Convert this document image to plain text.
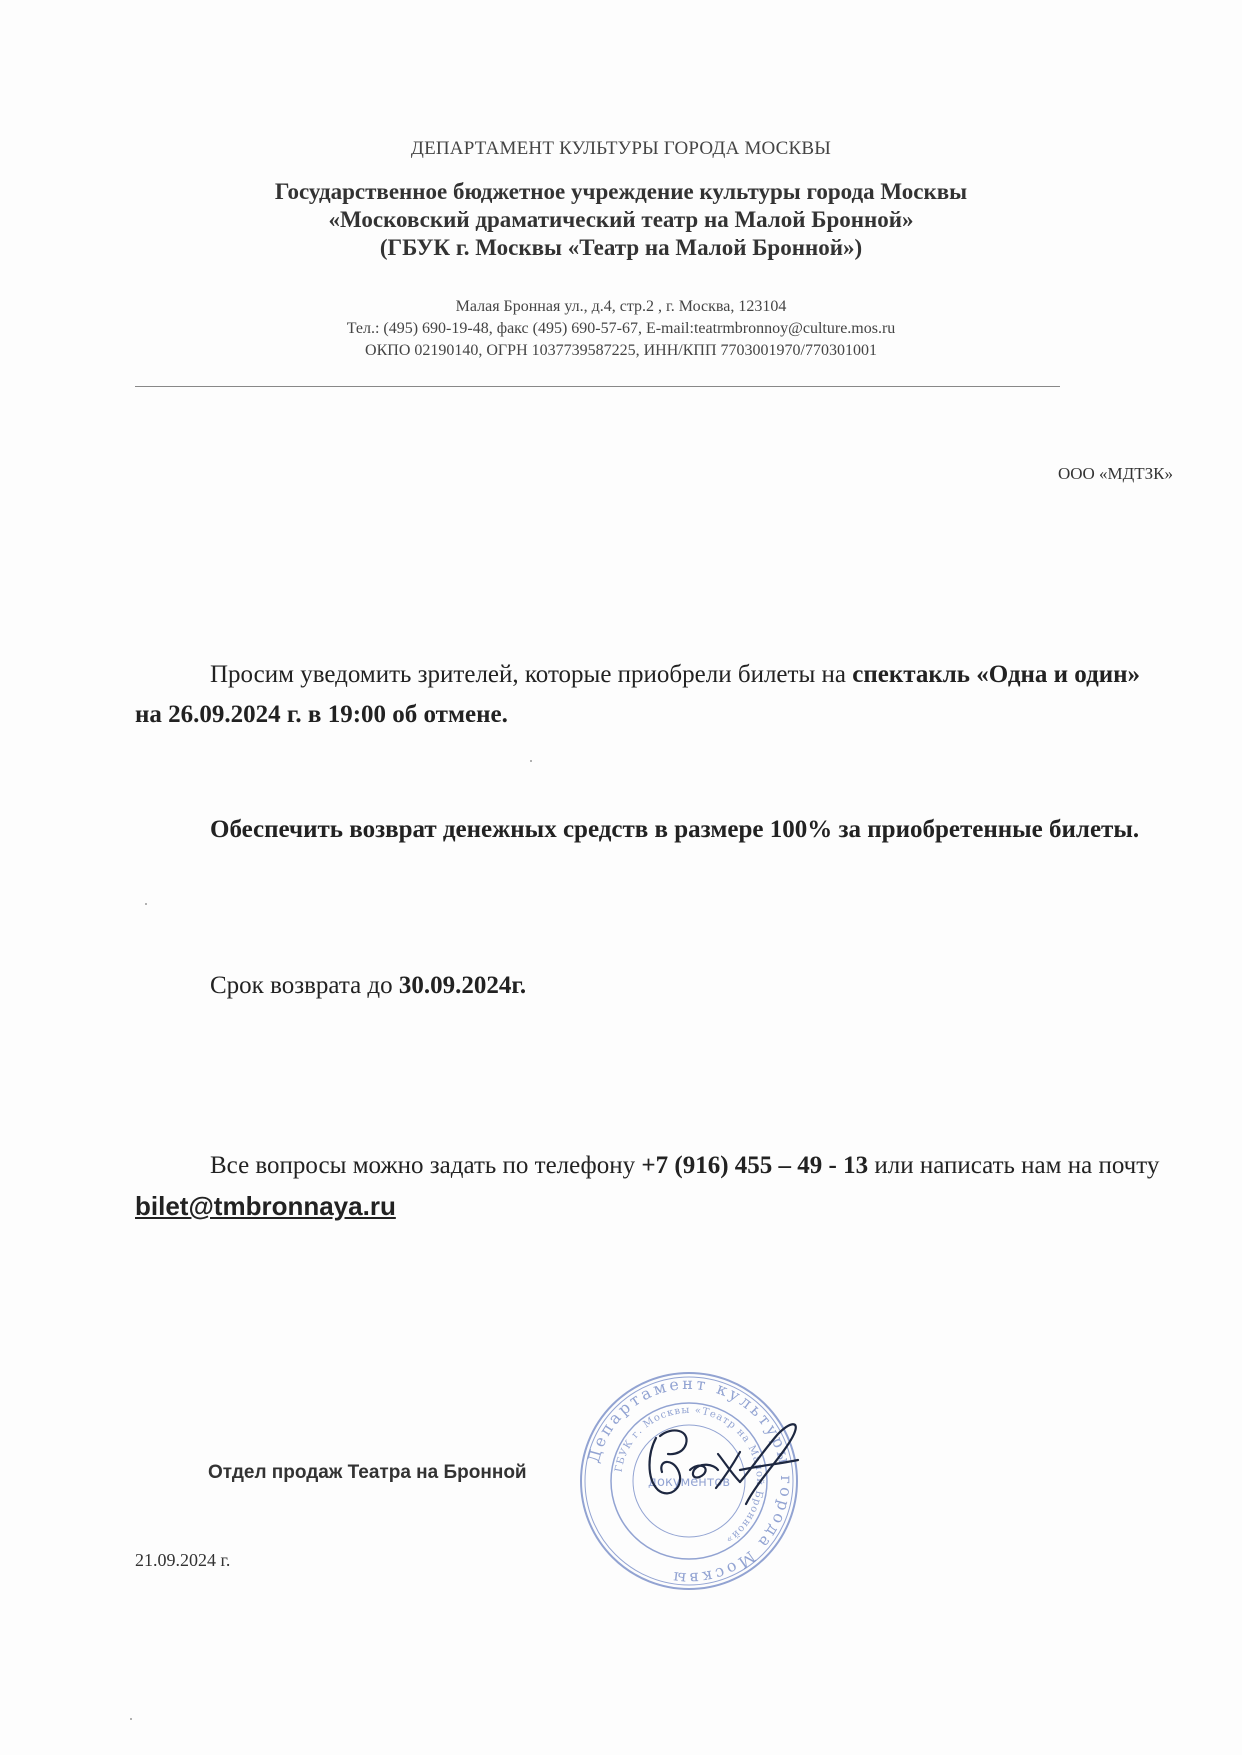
ДЕПАРТАМЕНТ КУЛЬТУРЫ ГОРОДА МОСКВЫ
Государственное бюджетное учреждение культуры города Москвы
«Московский драматический театр на Малой Бронной»
(ГБУК г. Москвы «Театр на Малой Бронной»)
Малая Бронная ул., д.4, стр.2 , г. Москва, 123104
Тел.: (495) 690-19-48, факс (495) 690-57-67, E-mail:teatrmbronnoy@culture.mos.ru
ОКПО 02190140, ОГРН 1037739587225, ИНН/КПП 7703001970/770301001
ООО «МДТЗК»
Просим уведомить зрителей, которые приобрели билеты на спектакль «Одна и один» на 26.09.2024 г. в 19:00 об отмене.
Обеспечить возврат денежных средств в размере 100% за приобретенные билеты.
Срок возврата до 30.09.2024г.
Все вопросы можно задать по телефону +7 (916) 455 – 49 - 13 или написать нам на почту bilet@tmbronnaya.ru
Департамент культуры города Москвы
ГБУК г. Москвы «Театр на Малой Бронной»
документов
Отдел продаж Театра на Бронной
21.09.2024 г.
